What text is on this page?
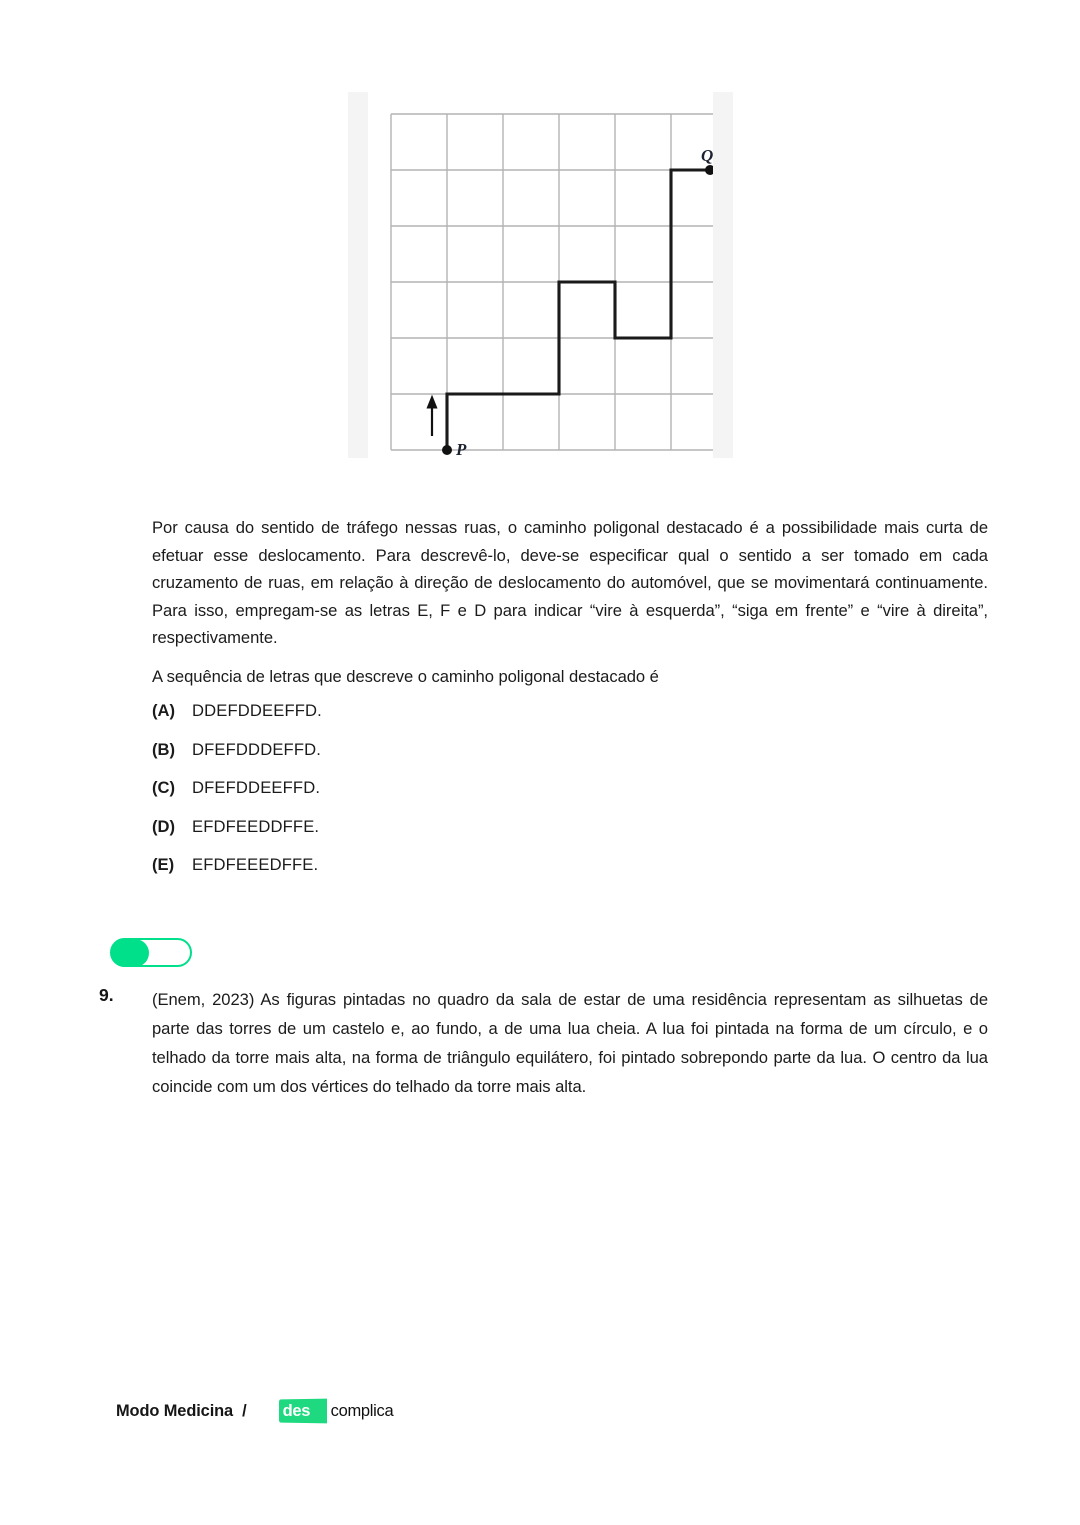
P
Q
Por causa do sentido de tráfego nessas ruas, o caminho poligonal destacado é a possibilidade mais curta de efetuar esse deslocamento. Para descrevê-lo, deve-se especificar qual o sentido a ser tomado em cada cruzamento de ruas, em relação à direção de deslocamento do automóvel, que se movimentará continuamente. Para isso, empregam-se as letras E, F e D para indicar “vire à esquerda”, “siga em frente” e “vire à direita”, respectivamente.
A sequência de letras que descreve o caminho poligonal destacado é
(A)	DDEFDDEEFFD.
(B)	DFEFDDDEFFD.
(C)	DFEFDDEEFFD.
(D)	EFDFEEDDFFE.
(E)	EFDFEEEDFFE.
9. (Enem, 2023) As figuras pintadas no quadro da sala de estar de uma residência representam as silhuetas de parte das torres de um castelo e, ao fundo, a de uma lua cheia. A lua foi pintada na forma de um círculo, e o telhado da torre mais alta, na forma de triângulo equilátero, foi pintado sobrepondo parte da lua. O centro da lua coincide com um dos vértices do telhado da torre mais alta.
Modo Medicina / des complica
